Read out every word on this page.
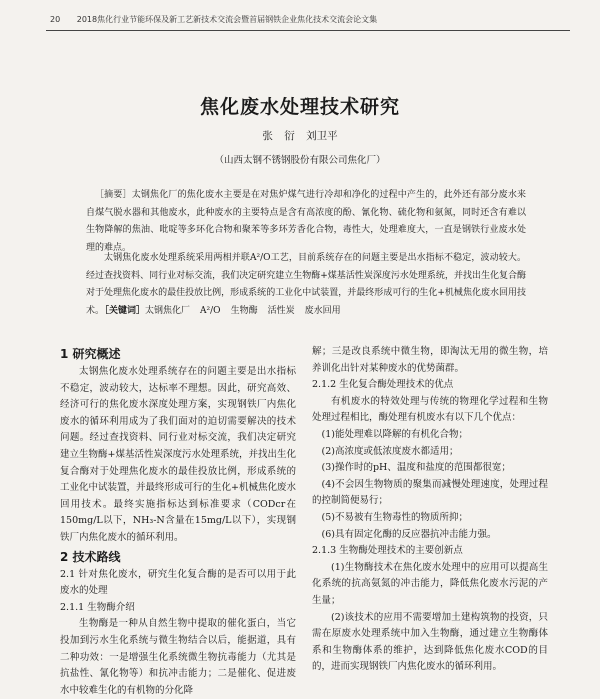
20 2018焦化行业节能环保及新工艺新技术交流会暨首届钢铁企业焦化技术交流会论文集
焦化废水处理技术研究
张 衍 刘卫平
（山西太钢不锈钢股份有限公司焦化厂）

［摘要］太钢焦化厂的焦化废水主要是在对焦炉煤气进行冷却和净化的过程中产生的，此外还有部分废水来自煤气脱水器和其他废水，此种废水的主要特点是含有高浓度的酚、氰化物、硫化物和氨氮，同时还含有难以生物降解的焦油、吡啶等多环化合物和聚苯等多环芳香化合物，毒性大，处理难度大，一直是钢铁行业废水处理的难点。

太钢焦化废水处理系统采用两相并联A²/O工艺，目前系统存在的问题主要是出水指标不稳定，波动较大。经过查找资料、同行业对标交流，我们决定研究建立生物酶+煤基活性炭深度污水处理系统，并找出生化复合酶对于处理焦化废水的最佳投放比例，形成系统的工业化中试装置，并最终形成可行的生化+机械焦化废水回用技术。

［关键词］太钢焦化厂 A²/O 生物酶 活性炭 废水回用

1 研究概述

太钢焦化废水处理系统存在的问题主要是出水指标不稳定，波动较大，达标率不理想。因此，研究高效、经济可行的焦化废水深度处理方案，实现钢铁厂内焦化废水的循环利用成为了我们面对的迫切需要解决的技术问题。经过查找资料、同行业对标交流，我们决定研究建立生物酶+煤基活性炭深度污水处理系统，并找出生化复合酶对于处理焦化废水的最佳投放比例，形成系统的工业化中试装置，并最终形成可行的生化+机械焦化废水回用技术。最终实施指标达到标准要求（CODcr在150mg/L以下，NH₃-N含量在15mg/L以下），实现钢铁厂内焦化废水的循环利用。

2 技术路线

2.1 针对焦化废水，研究生化复合酶的是否可以用于此废水的处理

2.1.1 生物酶介绍

生物酶是一种从自然生物中提取的催化蛋白，当它投加到污水生化系统与微生物结合以后，能据道，具有二种功效：一是增强生化系统微生物抗毒能力（尤其是抗盐性、氰化物等）和抗冲击能力；二是催化、促进废水中较难生化的有机物的分化降

解；三是改良系统中微生物，即淘汰无用的微生物，培养训化出针对某种废水的优势菌群。

2.1.2 生化复合酶处理技术的优点

有机废水的特效处理与传统的物理化学过程和生物处理过程相比，酶处理有机废水有以下几个优点：

(1)能处理难以降解的有机化合物；

(2)高浓度或低浓度废水都适用；

(3)操作时的pH、温度和盐度的范围都很宽；

(4)不会因生物物质的聚集而减慢处理速度，处理过程的控制简便易行；

(5)不易被有生物毒性的物质所抑；

(6)具有固定化酶的反应器抗冲击能力强。

2.1.3 生物酶处理技术的主要创新点

(1)生物酶技术在焦化废水处理中的应用可以提高生化系统的抗高氨氮的冲击能力，降低焦化废水污泥的产生量；

(2)该技术的应用不需要增加土建构筑物的投资，只需在原废水处理系统中加入生物酶，通过建立生物酶体系和生物酶体系的维护，达到降低焦化废水COD的目的，进而实现钢铁厂内焦化废水的循环利用。
